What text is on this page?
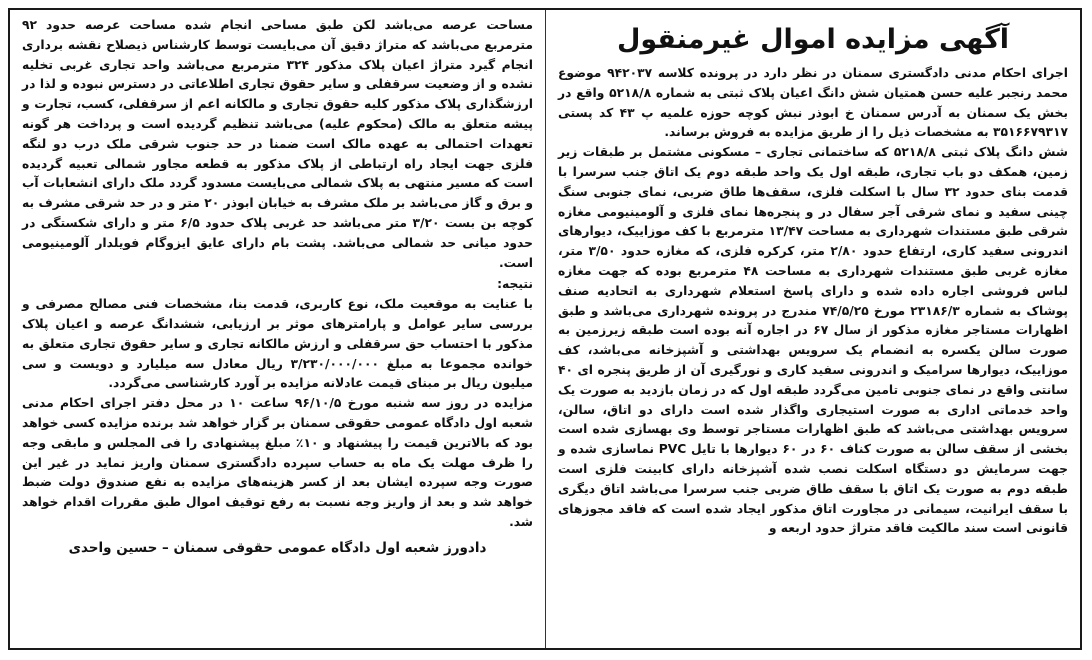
آگهی مزایده اموال غیرمنقول

اجرای احکام مدنی دادگستری سمنان در نظر دارد در پرونده کلاسه ۹۴۲۰۳۷ موضوع محمد رنجبر علیه حسن همتیان شش دانگ اعیان پلاک ثبتی به شماره ۵۲۱۸/۸ واقع در بخش یک سمنان به آدرس سمنان خ ابوذر نبش کوچه حوزه علمیه پ ۴۳ کد پستی ۳۵۱۶۶۷۹۳۱۷ به مشخصات ذیل را از طریق مزایده به فروش برساند.

شش دانگ پلاک ثبتی ۵۲۱۸/۸ که ساختمانی تجاری – مسکونی مشتمل بر طبقات زیر زمین، همکف دو باب تجاری، طبقه اول یک واحد طبقه دوم یک اتاق جنب سرسرا با قدمت بنای حدود ۳۲ سال با اسکلت فلزی، سقف‌ها طاق ضربی، نمای جنوبی سنگ چینی سفید و نمای شرقی آجر سفال در و پنجره‌ها نمای فلزی و آلومینیومی مغازه شرقی طبق مستندات شهرداری به مساحت ۱۳/۴۷ مترمربع با کف موزاییک، دیوارهای اندرونی سفید کاری، ارتفاع حدود ۲/۸۰ متر، کرکره فلزی، که مغازه حدود ۳/۵۰ متر، مغازه غربی طبق مستندات شهرداری به مساحت ۴۸ مترمربع بوده که جهت مغازه لباس فروشی اجاره داده شده و دارای پاسخ استعلام شهرداری به اتحادیه صنف پوشاک به شماره ۲۳۱۸۶/۳ مورخ ۷۴/۵/۲۵ مندرج در پرونده شهرداری می‌باشد و طبق اظهارات مستاجر مغازه مذکور از سال ۶۷ در اجاره آنه بوده است طبقه زیرزمین به صورت سالن یکسره به انضمام یک سرویس بهداشتی و آشپزخانه می‌باشد، کف موزاییک، دیوارها سرامیک و اندرونی سفید کاری و نورگیری آن از طریق پنجره ای ۴۰ سانتی واقع در نمای جنوبی تامین می‌گردد طبقه اول که در زمان بازدید به صورت یک واحد خدماتی اداری به صورت استیجاری واگذار شده است دارای دو اتاق، سالن، سرویس بهداشتی می‌باشد که طبق اظهارات مستاجر توسط وی بهسازی شده است بخشی از سقف سالن به صورت کناف ۶۰ در ۶۰ دیوارها با تایل PVC نماسازی شده و جهت سرمایش دو دستگاه اسکلت نصب شده آشپزخانه دارای کابینت فلزی است طبقه دوم به صورت یک اتاق با سقف طاق ضربی جنب سرسرا می‌باشد اتاق دیگری با سقف ایرانیت، سیمانی در مجاورت اتاق مذکور ایجاد شده است که فاقد مجوزهای قانونی است سند مالکیت فاقد متراژ حدود اربعه و

مساحت عرصه می‌باشد لکن طبق مساحی انجام شده مساحت عرصه حدود ۹۲ مترمربع می‌باشد که متراژ دقیق آن می‌بایست توسط کارشناس ذیصلاح نقشه برداری انجام گیرد متراژ اعیان پلاک مذکور ۳۲۴ مترمربع می‌باشد واحد تجاری غربی تخلیه نشده و از وضعیت سرقفلی و سایر حقوق تجاری اطلاعاتی در دسترس نبوده و لذا در ارزشگذاری پلاک مذکور کلیه حقوق تجاری و مالکانه اعم از سرقفلی، کسب، تجارت و پیشه متعلق به مالک (محکوم علیه) می‌باشد تنظیم گردیده است و پرداخت هر گونه تعهدات احتمالی به عهده مالک است ضمنا در حد جنوب شرقی ملک درب دو لنگه فلزی جهت ایجاد راه ارتباطی از پلاک مذکور به قطعه مجاور شمالی تعبیه گردیده است که مسیر منتهی به پلاک شمالی می‌بایست مسدود گردد ملک دارای انشعابات آب و برق و گاز می‌باشد بر ملک مشرف به خیابان ابوذر ۲۰ متر و در حد شرقی مشرف به کوچه بن بست ۳/۲۰ متر می‌باشد حد غربی پلاک حدود ۶/۵ متر و دارای شکستگی در حدود میانی حد شمالی می‌باشد. پشت بام دارای عایق ایزوگام فویلدار آلومینیومی است.

نتیجه:

با عنایت به موقعیت ملک، نوع کاربری، قدمت بنا، مشخصات فنی مصالح مصرفی و بررسی سایر عوامل و پارامترهای موثر بر ارزیابی، ششدانگ عرصه و اعیان پلاک مذکور با احتساب حق سرقفلی و ارزش مالکانه تجاری و سایر حقوق تجاری متعلق به خوانده مجموعا به مبلغ ۳/۲۳۰/۰۰۰/۰۰۰ ریال معادل سه میلیارد و دویست و سی میلیون ریال بر مبنای قیمت عادلانه مزایده بر آورد کارشناسی می‌گردد.

مزایده در روز سه شنبه مورخ ۹۶/۱۰/۵ ساعت ۱۰ در محل دفتر اجرای احکام مدنی شعبه اول دادگاه عمومی حقوقی سمنان بر گزار خواهد شد برنده مزایده کسی خواهد بود که بالاترین قیمت را پیشنهاد و ۱۰٪ مبلغ پیشنهادی را فی المجلس و مابقی وجه را ظرف مهلت یک ماه به حساب سپرده دادگستری سمنان واریز نماید در غیر این صورت وجه سپرده ایشان بعد از کسر هزینه‌های مزایده به نفع صندوق دولت ضبط خواهد شد و بعد از واریز وجه نسبت به رفع توقیف اموال طبق مقررات اقدام خواهد شد.

دادورز شعبه اول دادگاه عمومی حقوقی سمنان – حسین واحدی
